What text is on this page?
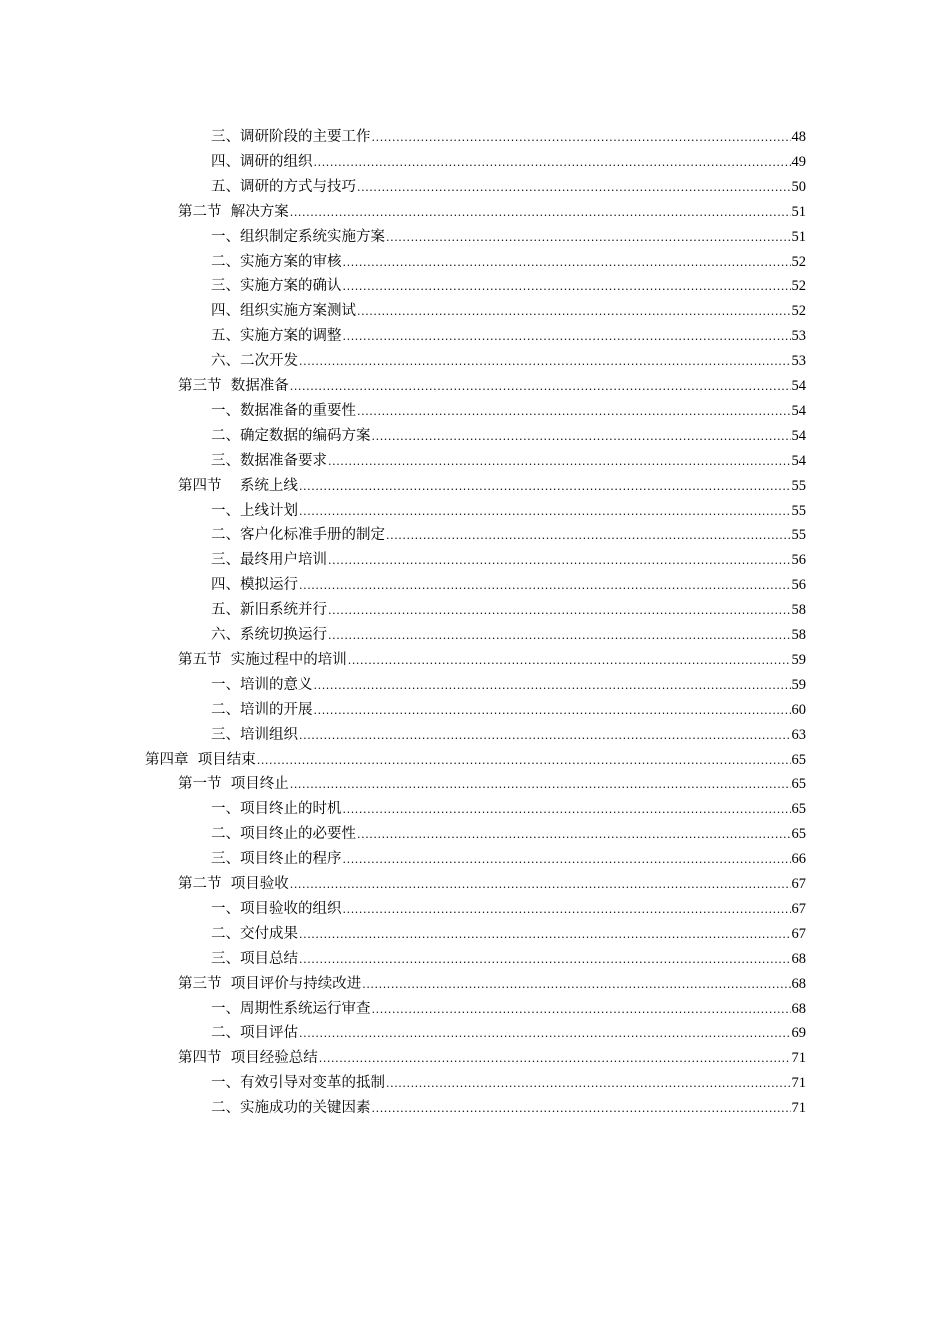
三、调研阶段的主要工作 .....	48
四、调研的组织 .....	49
五、调研的方式与技巧 .....	50
第二节  解决方案 .....	51
一、组织制定系统实施方案 .....	51
二、实施方案的审核 .....	52
三、实施方案的确认 .....	52
四、组织实施方案测试 .....	52
五、实施方案的调整 .....	53
六、二次开发 .....	53
第三节  数据准备 .....	54
一、数据准备的重要性 .....	54
二、确定数据的编码方案 .....	54
三、数据准备要求 .....	54
第四节    系统上线 .....	55
一、上线计划 .....	55
二、客户化标准手册的制定 .....	55
三、最终用户培训 .....	56
四、模拟运行 .....	56
五、新旧系统并行 .....	58
六、系统切换运行 .....	58
第五节  实施过程中的培训 .....	59
一、培训的意义 .....	59
二、培训的开展 .....	60
三、培训组织 .....	63
第四章  项目结束 .....	65
第一节  项目终止 .....	65
一、项目终止的时机 .....	65
二、项目终止的必要性 .....	65
三、项目终止的程序 .....	66
第二节  项目验收 .....	67
一、项目验收的组织 .....	67
二、交付成果 .....	67
三、项目总结 .....	68
第三节  项目评价与持续改进 .....	68
一、周期性系统运行审查 .....	68
二、项目评估 .....	69
第四节  项目经验总结 .....	71
一、有效引导对变革的抵制 .....	71
二、实施成功的关键因素 .....	71
